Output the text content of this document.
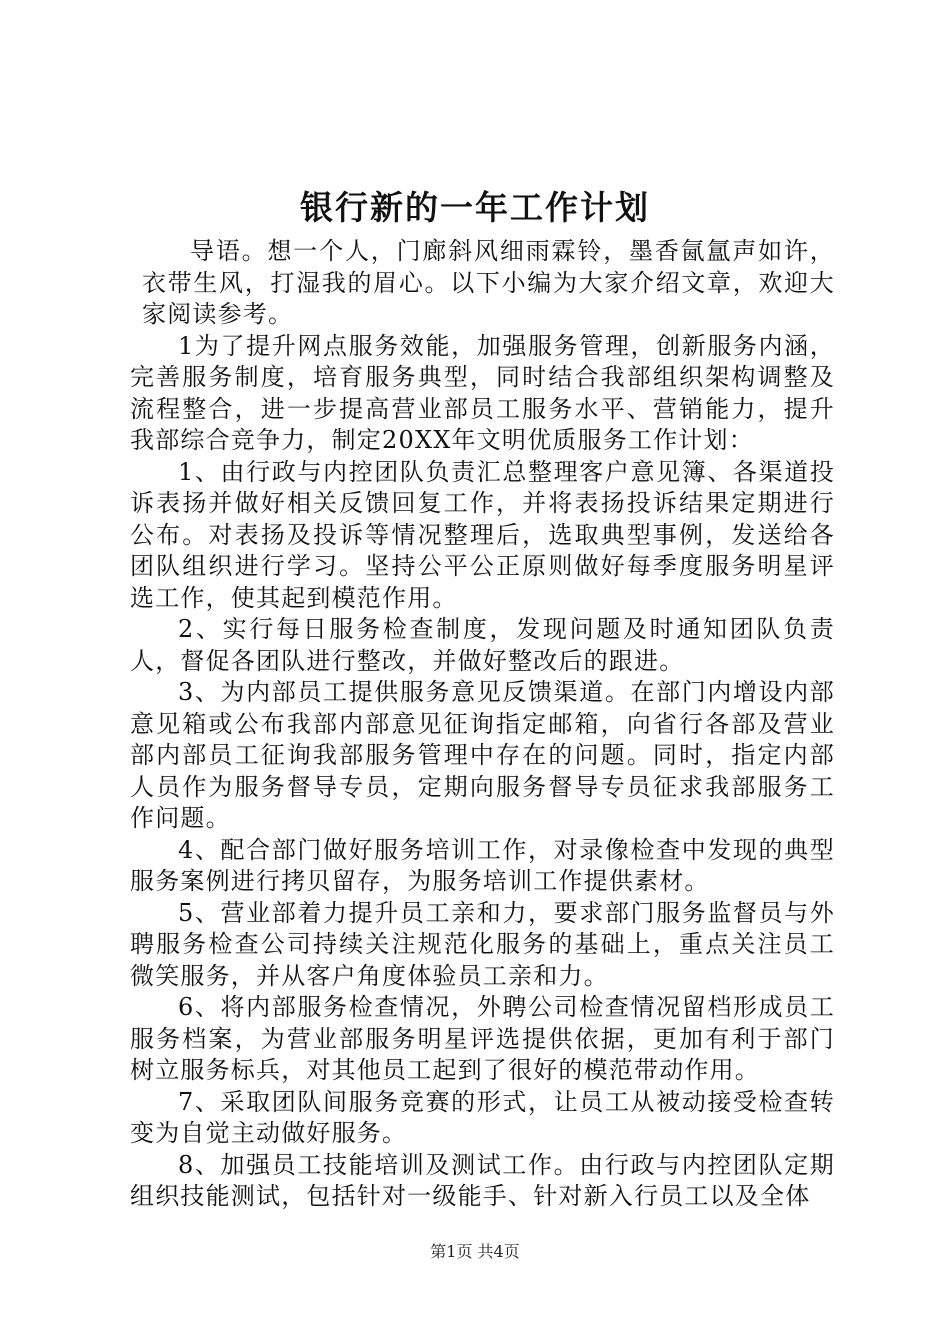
银行新的一年工作计划

导语。想一个人，门廊斜风细雨霖铃，墨香氤氲声如许，衣带生风，打湿我的眉心。以下小编为大家介绍文章，欢迎大家阅读参考。

1为了提升网点服务效能，加强服务管理，创新服务内涵，完善服务制度，培育服务典型，同时结合我部组织架构调整及流程整合，进一步提高营业部员工服务水平、营销能力，提升我部综合竞争力，制定20XX年文明优质服务工作计划：

1、由行政与内控团队负责汇总整理客户意见簿、各渠道投诉表扬并做好相关反馈回复工作，并将表扬投诉结果定期进行公布。对表扬及投诉等情况整理后，选取典型事例，发送给各团队组织进行学习。坚持公平公正原则做好每季度服务明星评选工作，使其起到模范作用。

2、实行每日服务检查制度，发现问题及时通知团队负责人，督促各团队进行整改，并做好整改后的跟进。

3、为内部员工提供服务意见反馈渠道。在部门内增设内部意见箱或公布我部内部意见征询指定邮箱，向省行各部及营业部内部员工征询我部服务管理中存在的问题。同时，指定内部人员作为服务督导专员，定期向服务督导专员征求我部服务工作问题。

4、配合部门做好服务培训工作，对录像检查中发现的典型服务案例进行拷贝留存，为服务培训工作提供素材。

5、营业部着力提升员工亲和力，要求部门服务监督员与外聘服务检查公司持续关注规范化服务的基础上，重点关注员工微笑服务，并从客户角度体验员工亲和力。

6、将内部服务检查情况，外聘公司检查情况留档形成员工服务档案，为营业部服务明星评选提供依据，更加有利于部门树立服务标兵，对其他员工起到了很好的模范带动作用。

7、采取团队间服务竞赛的形式，让员工从被动接受检查转变为自觉主动做好服务。

8、加强员工技能培训及测试工作。由行政与内控团队定期组织技能测试，包括针对一级能手、针对新入行员工以及全体

第1页 共4页
